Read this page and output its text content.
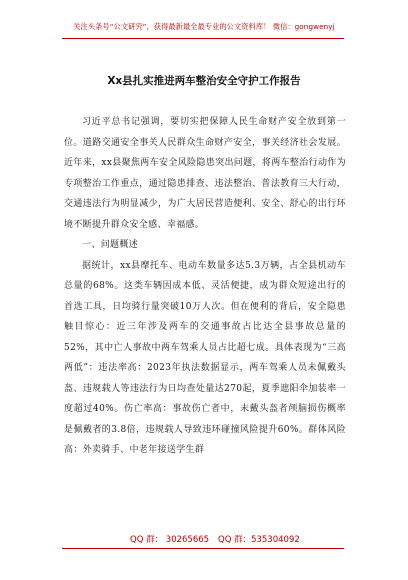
关注头条号“公文研究”，获得最新最全最专业的公文资料库！ 微信：gongwenyj
Xx县扎实推进两车整治安全守护工作报告

习近平总书记强调，要切实把保障人民生命财产安全放到第一位。道路交通安全事关人民群众生命财产安全，事关经济社会发展。近年来，xx县聚焦两车安全风险隐患突出问题，将两车整治行动作为专项整治工作重点，通过隐患排查、违法整治、普法教育三大行动，交通违法行为明显减少，为广大居民营造便利、安全、舒心的出行环境不断提升群众安全感、幸福感。

一、问题概述

据统计，xx县摩托车、电动车数量多达5.3万辆，占全县机动车总量的68%。这类车辆因成本低、灵活便捷，成为群众短途出行的首选工具，日均骑行量突破10万人次。但在便利的背后，安全隐患触目惊心：近三年涉及两车的交通事故占比达全县事故总量的52%，其中亡人事故中两车驾乘人员占比超七成。具体表现为“三高两低”：违法率高：2023年执法数据显示，两车驾乘人员未佩戴头盔、违规载人等违法行为日均查处量达270起，夏季遮阳伞加装率一度超过40%。伤亡率高：事故伤亡者中，未戴头盔者颅脑损伤概率是佩戴者的3.8倍，违规载人导致违环碰撞风险提升60%。群体风险高：外卖骑手、中老年接送学生群

QQ 群： 30265665 QQ 群：535304092
